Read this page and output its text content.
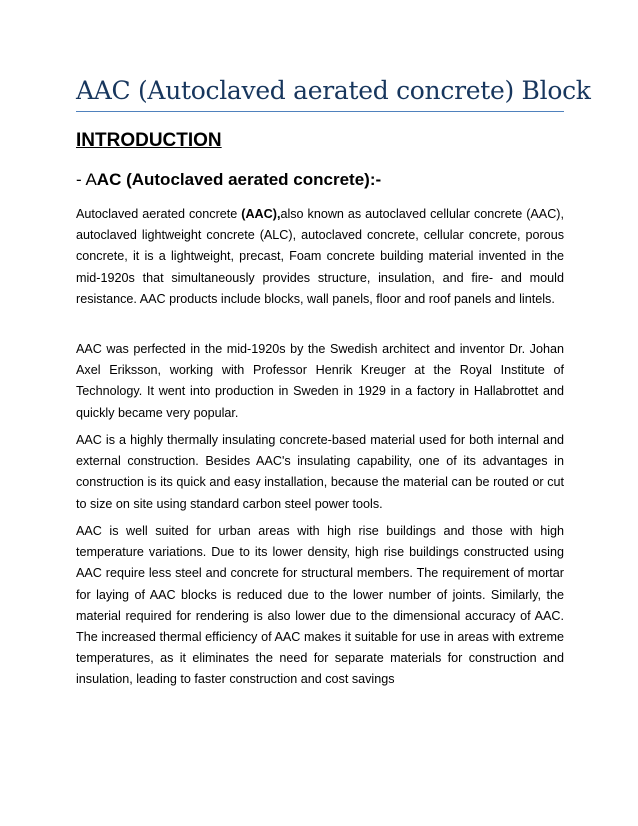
AAC (Autoclaved aerated concrete) Block
INTRODUCTION

- AAC (Autoclaved aerated concrete):-

Autoclaved aerated concrete (AAC),also known as autoclaved cellular concrete (AAC), autoclaved lightweight concrete (ALC), autoclaved concrete, cellular concrete, porous concrete, it is a lightweight, precast, Foam concrete building material invented in the mid-1920s that simultaneously provides structure, insulation, and fire- and mould resistance. AAC products include blocks, wall panels, floor and roof panels and lintels.

AAC was perfected in the mid-1920s by the Swedish architect and inventor Dr. Johan Axel Eriksson, working with Professor Henrik Kreuger at the Royal Institute of Technology. It went into production in Sweden in 1929 in a factory in Hallabrottet and quickly became very popular.

AAC is a highly thermally insulating concrete-based material used for both internal and external construction. Besides AAC's insulating capability, one of its advantages in construction is its quick and easy installation, because the material can be routed or cut to size on site using standard carbon steel power tools.

AAC is well suited for urban areas with high rise buildings and those with high temperature variations. Due to its lower density, high rise buildings constructed using AAC require less steel and concrete for structural members. The requirement of mortar for laying of AAC blocks is reduced due to the lower number of joints. Similarly, the material required for rendering is also lower due to the dimensional accuracy of AAC. The increased thermal efficiency of AAC makes it suitable for use in areas with extreme temperatures, as it eliminates the need for separate materials for construction and insulation, leading to faster construction and cost savings
